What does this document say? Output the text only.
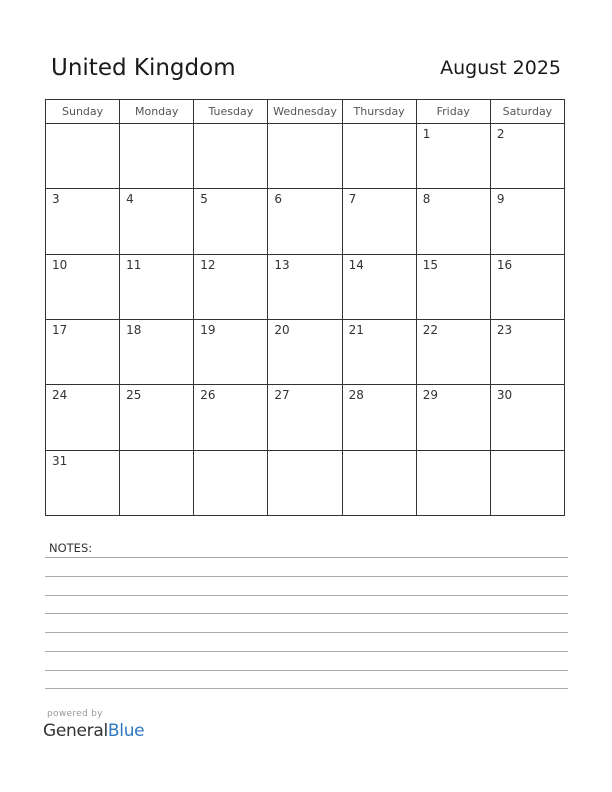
United Kingdom	August 2025
Sunday	Monday	Tuesday	Wednesday	Thursday	Friday	Saturday

					1	2

3	4	5	6	7	8	9

10	11	12	13	14	15	16

17	18	19	20	21	22	23

24	25	26	27	28	29	30

31						

NOTES:
powered by
GeneralBlue
